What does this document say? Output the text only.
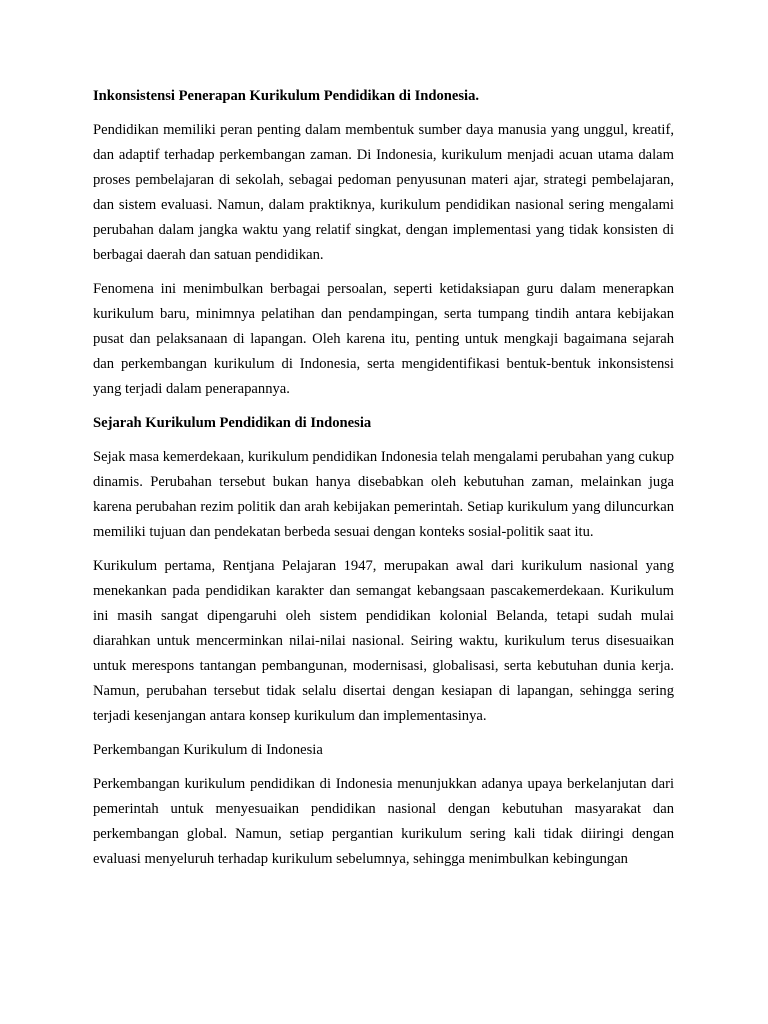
Inkonsistensi Penerapan Kurikulum Pendidikan di Indonesia.

Pendidikan memiliki peran penting dalam membentuk sumber daya manusia yang unggul, kreatif, dan adaptif terhadap perkembangan zaman. Di Indonesia, kurikulum menjadi acuan utama dalam proses pembelajaran di sekolah, sebagai pedoman penyusunan materi ajar, strategi pembelajaran, dan sistem evaluasi. Namun, dalam praktiknya, kurikulum pendidikan nasional sering mengalami perubahan dalam jangka waktu yang relatif singkat, dengan implementasi yang tidak konsisten di berbagai daerah dan satuan pendidikan.

Fenomena ini menimbulkan berbagai persoalan, seperti ketidaksiapan guru dalam menerapkan kurikulum baru, minimnya pelatihan dan pendampingan, serta tumpang tindih antara kebijakan pusat dan pelaksanaan di lapangan. Oleh karena itu, penting untuk mengkaji bagaimana sejarah dan perkembangan kurikulum di Indonesia, serta mengidentifikasi bentuk-bentuk inkonsistensi yang terjadi dalam penerapannya.

Sejarah Kurikulum Pendidikan di Indonesia

Sejak masa kemerdekaan, kurikulum pendidikan Indonesia telah mengalami perubahan yang cukup dinamis. Perubahan tersebut bukan hanya disebabkan oleh kebutuhan zaman, melainkan juga karena perubahan rezim politik dan arah kebijakan pemerintah. Setiap kurikulum yang diluncurkan memiliki tujuan dan pendekatan berbeda sesuai dengan konteks sosial-politik saat itu.

Kurikulum pertama, Rentjana Pelajaran 1947, merupakan awal dari kurikulum nasional yang menekankan pada pendidikan karakter dan semangat kebangsaan pascakemerdekaan. Kurikulum ini masih sangat dipengaruhi oleh sistem pendidikan kolonial Belanda, tetapi sudah mulai diarahkan untuk mencerminkan nilai-nilai nasional. Seiring waktu, kurikulum terus disesuaikan untuk merespons tantangan pembangunan, modernisasi, globalisasi, serta kebutuhan dunia kerja. Namun, perubahan tersebut tidak selalu disertai dengan kesiapan di lapangan, sehingga sering terjadi kesenjangan antara konsep kurikulum dan implementasinya.

Perkembangan Kurikulum di Indonesia

Perkembangan kurikulum pendidikan di Indonesia menunjukkan adanya upaya berkelanjutan dari pemerintah untuk menyesuaikan pendidikan nasional dengan kebutuhan masyarakat dan perkembangan global. Namun, setiap pergantian kurikulum sering kali tidak diiringi dengan evaluasi menyeluruh terhadap kurikulum sebelumnya, sehingga menimbulkan kebingungan
